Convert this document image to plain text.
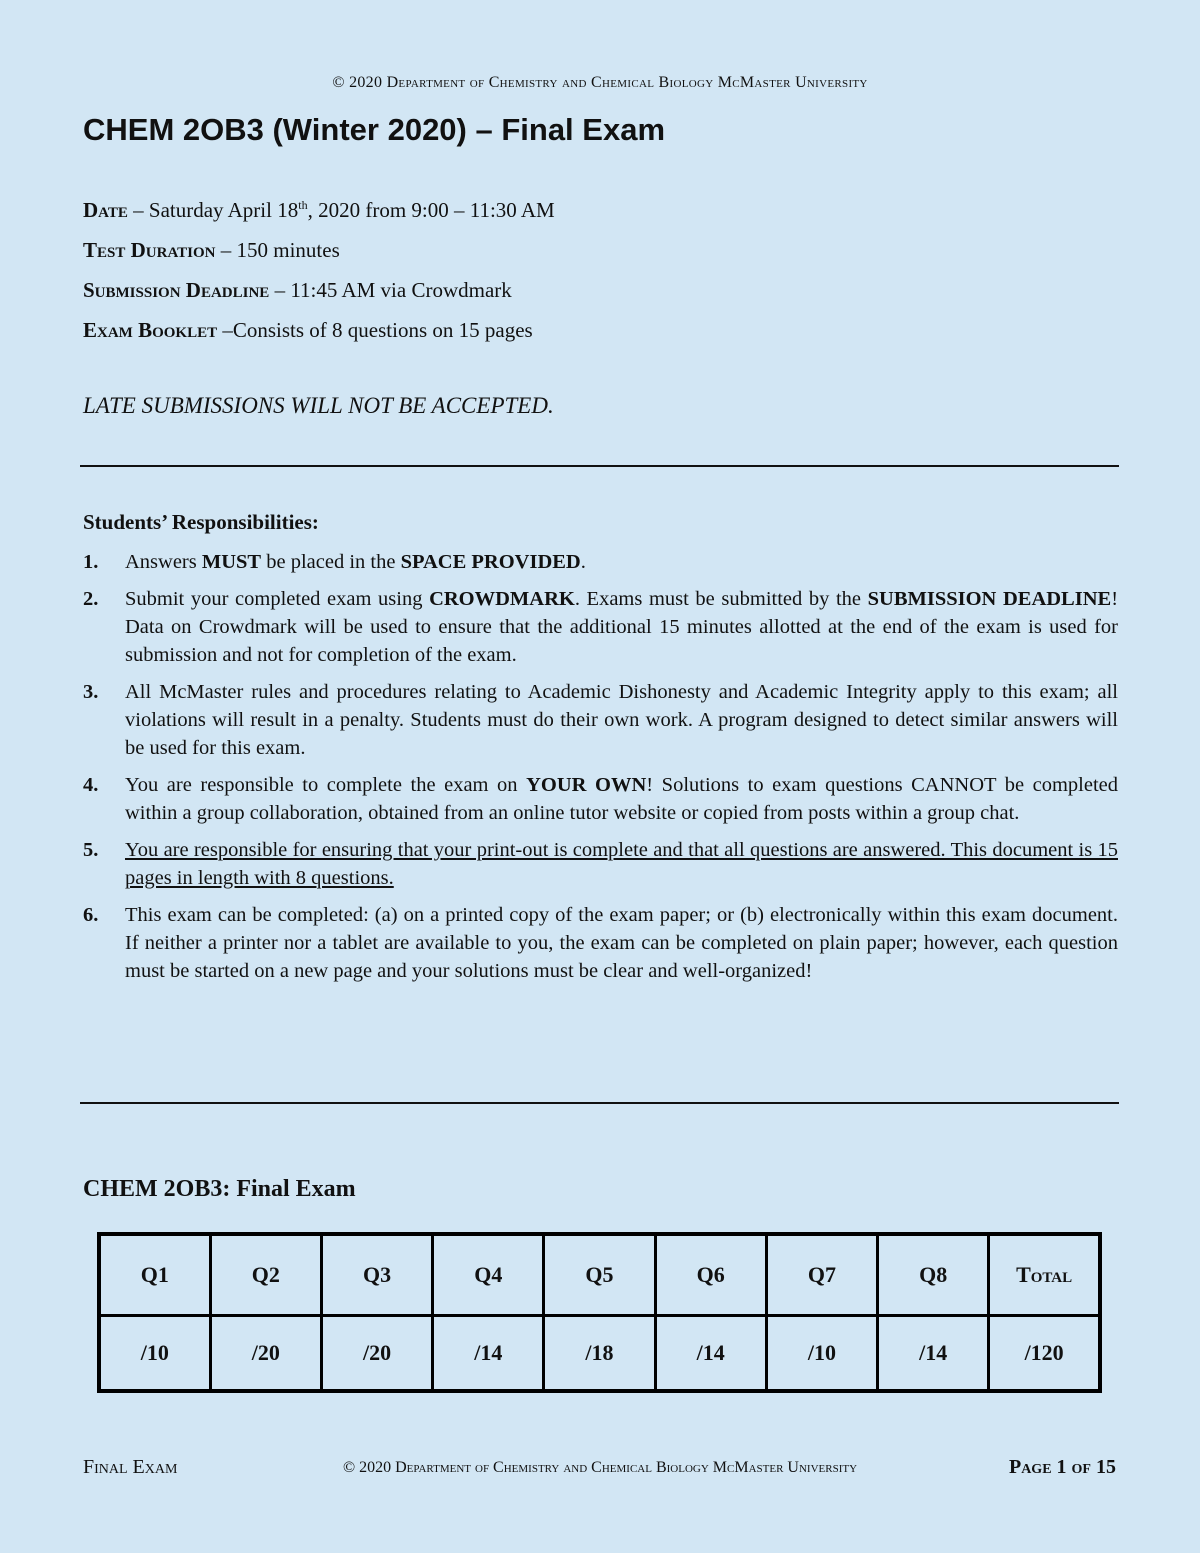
© 2020 Department of Chemistry and Chemical Biology McMaster University
CHEM 2OB3 (Winter 2020) – Final Exam
Date – Saturday April 18th, 2020 from 9:00 – 11:30 AM
Test Duration – 150 minutes
Submission Deadline – 11:45 AM via Crowdmark
Exam Booklet –Consists of 8 questions on 15 pages
LATE SUBMISSIONS WILL NOT BE ACCEPTED.
Students’ Responsibilities:
1. Answers MUST be placed in the SPACE PROVIDED.
2. Submit your completed exam using CROWDMARK. Exams must be submitted by the SUBMISSION DEADLINE! Data on Crowdmark will be used to ensure that the additional 15 minutes allotted at the end of the exam is used for submission and not for completion of the exam.
3. All McMaster rules and procedures relating to Academic Dishonesty and Academic Integrity apply to this exam; all violations will result in a penalty. Students must do their own work. A program designed to detect similar answers will be used for this exam.
4. You are responsible to complete the exam on YOUR OWN! Solutions to exam questions CANNOT be completed within a group collaboration, obtained from an online tutor website or copied from posts within a group chat.
5. You are responsible for ensuring that your print-out is complete and that all questions are answered. This document is 15 pages in length with 8 questions.
6. This exam can be completed: (a) on a printed copy of the exam paper; or (b) electronically within this exam document. If neither a printer nor a tablet are available to you, the exam can be completed on plain paper; however, each question must be started on a new page and your solutions must be clear and well-organized!
CHEM 2OB3: Final Exam
Q1	Q2	Q3	Q4	Q5	Q6	Q7	Q8	Total
/10	/20	/20	/14	/18	/14	/10	/14	/120
Final Exam	© 2020 Department of Chemistry and Chemical Biology McMaster University	Page 1 of 15
